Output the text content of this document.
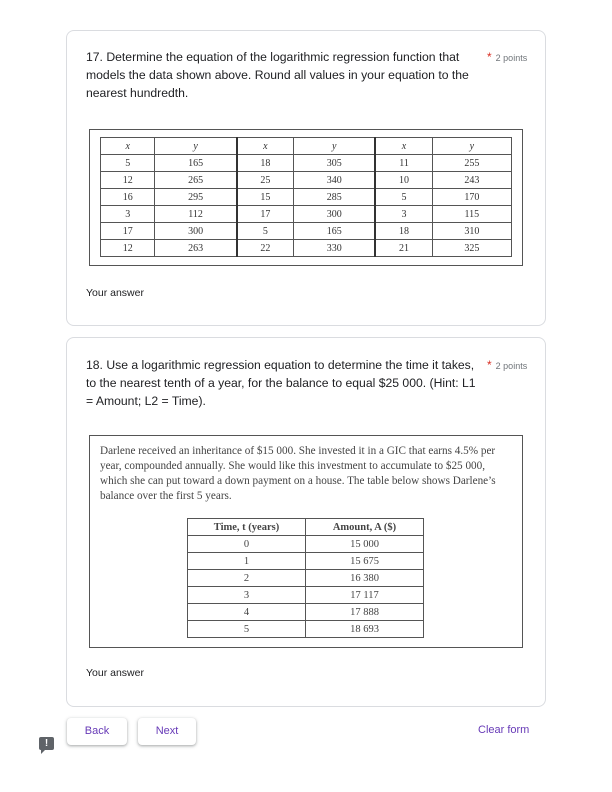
17. Determine the equation of the logarithmic regression function that models the data shown above. Round all values in your equation to the nearest hundredth.
* 2 points
x	y	x	y	x	y
5	165	18	305	11	255
12	265	25	340	10	243
16	295	15	285	5	170
3	112	17	300	3	115
17	300	5	165	18	310
12	263	22	330	21	325
Your answer
18. Use a logarithmic regression equation to determine the time it takes, to the nearest tenth of a year, for the balance to equal $25 000. (Hint: L1 = Amount; L2 = Time).
* 2 points
Darlene received an inheritance of $15 000. She invested it in a GIC that earns 4.5% per year, compounded annually. She would like this investment to accumulate to $25 000, which she can put toward a down payment on a house. The table below shows Darlene’s balance over the first 5 years.
Time, t (years)	Amount, A ($)
0	15 000
1	15 675
2	16 380
3	17 117
4	17 888
5	18 693
Your answer
Back	Next	Clear form
!
